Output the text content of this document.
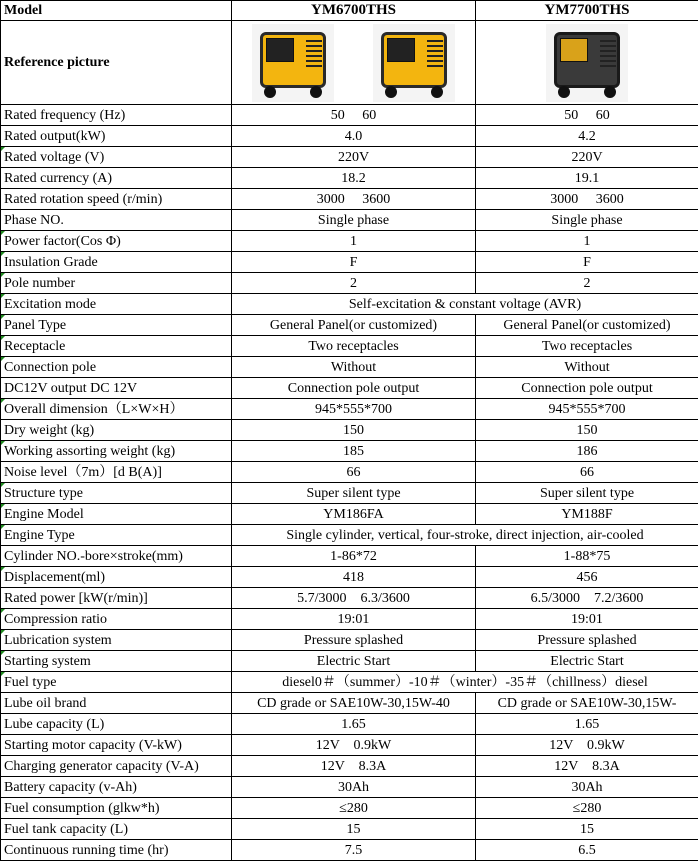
Model	YM6700THS	YM7700THS
Reference picture	

Rated frequency (Hz)	50　 60	50　 60
Rated output(kW)	4.0	4.2
Rated voltage (V)	220V	220V
Rated currency (A)	18.2	19.1
Rated rotation speed (r/min)	3000　 3600	3000　 3600
Phase NO.	Single phase	Single phase
Power factor(Cos Φ)	1	1
Insulation Grade	F	F
Pole number	2	2
Excitation mode	Self-excitation & constant voltage (AVR)	
Panel Type	General Panel(or customized)	General Panel(or customized)
Receptacle	Two receptacles	Two receptacles
Connection pole	Without	Without
DC12V output DC 12V	Connection pole output	Connection pole output
Overall dimension（L×W×H）	945*555*700	945*555*700
Dry weight (kg)	150	150
Working assorting weight (kg)	185	186
Noise level（7m）[d B(A)]	66	66
Structure type	Super silent type	Super silent type
Engine Model	YM186FA	YM188F
Engine Type	Single cylinder, vertical, four-stroke, direct injection, air-cooled	
Cylinder NO.-bore×stroke(mm)	1-86*72	1-88*75
Displacement(ml)	418	456
Rated power [kW(r/min)]	5.7/3000　6.3/3600	6.5/3000　7.2/3600
Compression ratio	19:01	19:01
Lubrication system	Pressure splashed	Pressure splashed
Starting system	Electric Start	Electric Start
Fuel type	diesel0＃（summer）-10＃（winter）-35＃（chillness）diesel	
Lube oil brand	CD grade or SAE10W-30,15W-40	CD grade or SAE10W-30,15W-
Lube capacity (L)	1.65	1.65
Starting motor capacity (V-kW)	12V　0.9kW	12V　0.9kW
Charging generator capacity (V-A)	12V　8.3A	12V　8.3A
Battery capacity (v-Ah)	30Ah	30Ah
Fuel consumption (glkw*h)	≤280	≤280
Fuel tank capacity (L)	15	15
Continuous running time (hr)	7.5	6.5
